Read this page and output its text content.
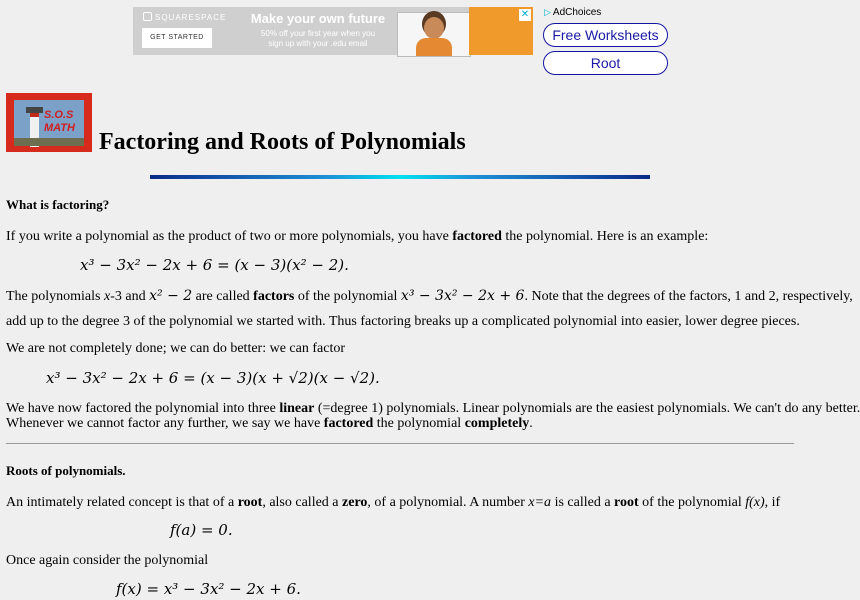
SQUARESPACE
GET STARTED
Make your own future
50% off your first year when you
sign up with your .edu email
✕ ▷ AdChoices
Free Worksheets
Root
S.O.S
MATH
Factoring and Roots of Polynomials
What is factoring?
If you write a polynomial as the product of two or more polynomials, you have factored the polynomial. Here is an example:
x³ − 3x² − 2x + 6 = (x − 3)(x² − 2).
The polynomials x-3 and x² − 2 are called factors of the polynomial x³ − 3x² − 2x + 6. Note that the degrees of the factors, 1 and 2, respectively,
add up to the degree 3 of the polynomial we started with. Thus factoring breaks up a complicated polynomial into easier, lower degree pieces.
We are not completely done; we can do better: we can factor
x³ − 3x² − 2x + 6 = (x − 3)(x + √2)(x − √2).
We have now factored the polynomial into three linear (=degree 1) polynomials. Linear polynomials are the easiest polynomials. We can't do any better.
Whenever we cannot factor any further, we say we have factored the polynomial completely.
Roots of polynomials.
An intimately related concept is that of a root, also called a zero, of a polynomial. A number x=a is called a root of the polynomial f(x), if
f(a) = 0.
Once again consider the polynomial
f(x) = x³ − 3x² − 2x + 6.
